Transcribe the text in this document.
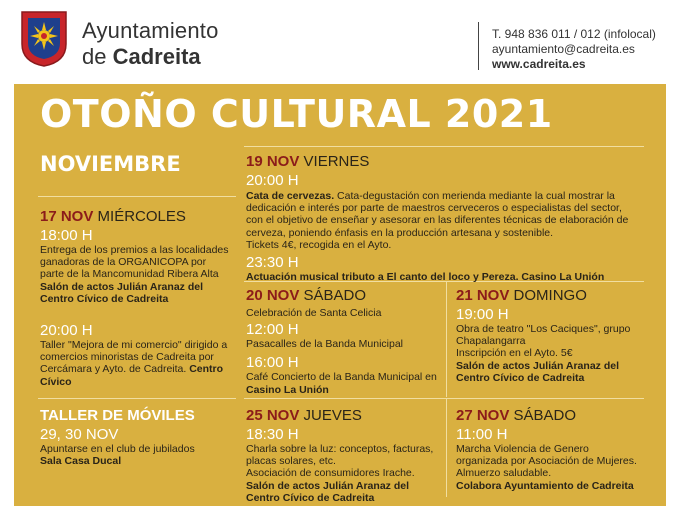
Ayuntamiento
de Cadreita
T. 948 836 011 / 012 (infolocal)
ayuntamiento@cadreita.es
www.cadreita.es
OTOÑO CULTURAL 2021
NOVIEMBRE	19 NOV VIERNES
20:00 H
Cata de cervezas. Cata-degustación con merienda mediante la cual mostrar la dedicación e interés por parte de maestros cerveceros o especialistas del sector, con el objetivo de enseñar y asesorar en las diferentes técnicas de elaboración de cerveza, poniendo énfasis en la producción artesana y sostenible.
Tickets 4€, recogida en el Ayto.
23:30 H
Actuación musical tributo a El canto del loco y Pereza. Casino La Unión
17 NOV MIÉRCOLES
18:00 H
Entrega de los premios a las localidades ganadoras de la ORGANICOPA por parte de la Mancomunidad Ribera Alta
Salón de actos Julián Aranaz del Centro Cívico de Cadreita
20:00 H
Taller "Mejora de mi comercio" dirigido a comercios minoristas de Cadreita por Cercámara y Ayto. de Cadreita. Centro Cívico
20 NOV SÁBADO
Celebración de Santa Celicia
12:00 H
Pasacalles de la Banda Municipal
16:00 H
Café Concierto de la Banda Municipal en Casino La Unión
21 NOV DOMINGO
19:00 H
Obra de teatro "Los Caciques", grupo Chapalangarra
Inscripción en el Ayto. 5€
Salón de actos Julián Aranaz del Centro Cívico de Cadreita
TALLER DE MÓVILES
29, 30 NOV
Apuntarse en el club de jubilados
Sala Casa Ducal
25 NOV JUEVES
18:30 H
Charla sobre la luz: conceptos, facturas, placas solares, etc.
Asociación de consumidores Irache.
Salón de actos Julián Aranaz del Centro Cívico de Cadreita
27 NOV SÁBADO
11:00 H
Marcha Violencia de Genero organizada por Asociación de Mujeres. Almuerzo saludable.
Colabora Ayuntamiento de Cadreita
